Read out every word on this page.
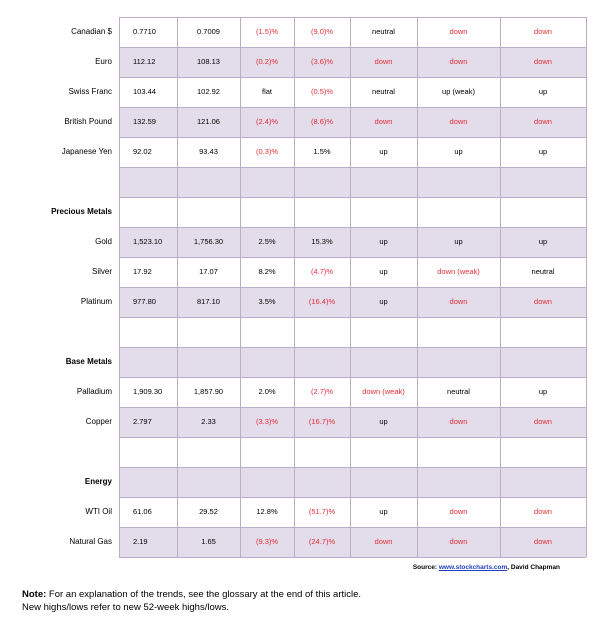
Canadian $	0.7710	0.7009	(1.5)%	(9.0)%	neutral	down	down
Euro	112.12	108.13	(0.2)%	(3.6)%	down	down	down
Swiss Franc	103.44	102.92	flat	(0.5)%	neutral	up (weak)	up
British Pound	132.59	121.06	(2.4)%	(8.6)%	down	down	down
Japanese Yen	92.02	93.43	(0.3)%	1.5%	up	up	up
Precious Metals
Gold	1,523.10	1,756.30	2.5%	15.3%	up	up	up
Silver	17.92	17.07	8.2%	(4.7)%	up	down (weak)	neutral
Platinum	977.80	817.10	3.5%	(16.4)%	up	down	down
Base Metals
Palladium	1,909.30	1,857.90	2.0%	(2.7)%	down (weak)	neutral	up
Copper	2.797	2.33	(3.3)%	(16.7)%	up	down	down
Energy
WTI Oil	61.06	29.52	12.8%	(51.7)%	up	down	down
Natural Gas	2.19	1.65	(9.3)%	(24.7)%	down	down	down
Source: www.stockcharts.com, David Chapman
Note: For an explanation of the trends, see the glossary at the end of this article.
New highs/lows refer to new 52-week highs/lows.
